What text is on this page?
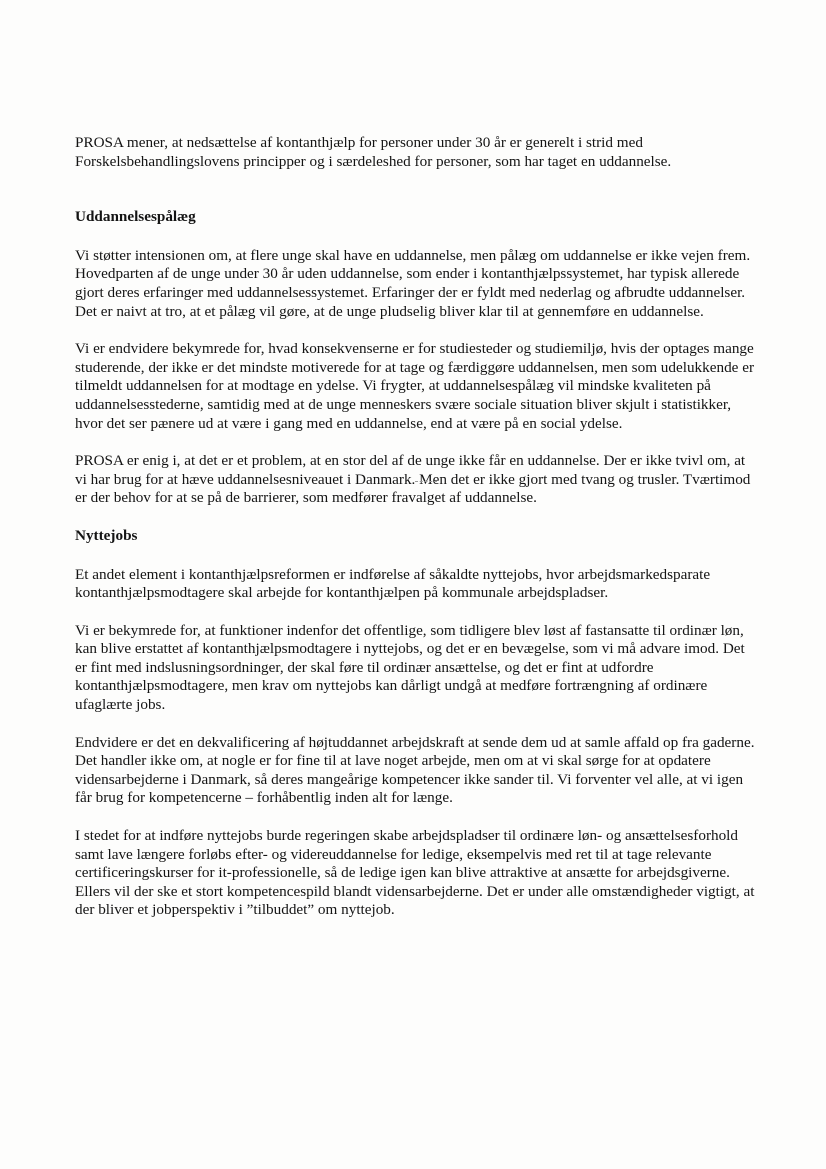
PROSA mener, at nedsættelse af kontanthjælp for personer under 30 år er generelt i strid med Forskelsbehandlingslovens principper og i særdeleshed for personer, som har taget en uddannelse.

Uddannelsespålæg

Vi støtter intensionen om, at flere unge skal have en uddannelse, men pålæg om uddannelse er ikke vejen frem. Hovedparten af de unge under 30 år uden uddannelse, som ender i kontanthjælpssystemet, har typisk allerede gjort deres erfaringer med uddannelsessystemet. Erfaringer der er fyldt med nederlag og afbrudte uddannelser. Det er naivt at tro, at et pålæg vil gøre, at de unge pludselig bliver klar til at gennemføre en uddannelse.

Vi er endvidere bekymrede for, hvad konsekvenserne er for studiesteder og studiemiljø, hvis der optages mange studerende, der ikke er det mindste motiverede for at tage og færdiggøre uddannelsen, men som udelukkende er tilmeldt uddannelsen for at modtage en ydelse. Vi frygter, at uddannelsespålæg vil mindske kvaliteten på uddannelsesstederne, samtidig med at de unge menneskers svære sociale situation bliver skjult i statistikker, hvor det ser pænere ud at være i gang med en uddannelse, end at være på en social ydelse.

PROSA er enig i, at det er et problem, at en stor del af de unge ikke får en uddannelse. Der er ikke tvivl om, at vi har brug for at hæve uddannelsesniveauet i Danmark. Men det er ikke gjort med tvang og trusler. Tværtimod er der behov for at se på de barrierer, som medfører fravalget af uddannelse.

Nyttejobs

Et andet element i kontanthjælpsreformen er indførelse af såkaldte nyttejobs, hvor arbejdsmarkedsparate kontanthjælpsmodtagere skal arbejde for kontanthjælpen på kommunale arbejdspladser.

Vi er bekymrede for, at funktioner indenfor det offentlige, som tidligere blev løst af fastansatte til ordinær løn, kan blive erstattet af kontanthjælpsmodtagere i nyttejobs, og det er en bevægelse, som vi må advare imod. Det er fint med indslusningsordninger, der skal føre til ordinær ansættelse, og det er fint at udfordre kontanthjælpsmodtagere, men krav om nyttejobs kan dårligt undgå at medføre fortrængning af ordinære ufaglærte jobs.

Endvidere er det en dekvalificering af højtuddannet arbejdskraft at sende dem ud at samle affald op fra gaderne. Det handler ikke om, at nogle er for fine til at lave noget arbejde, men om at vi skal sørge for at opdatere vidensarbejderne i Danmark, så deres mangeårige kompetencer ikke sander til. Vi forventer vel alle, at vi igen får brug for kompetencerne – forhåbentlig inden alt for længe.

I stedet for at indføre nyttejobs burde regeringen skabe arbejdspladser til ordinære løn- og ansættelsesforhold samt lave længere forløbs efter- og videreuddannelse for ledige, eksempelvis med ret til at tage relevante certificeringskurser for it-professionelle, så de ledige igen kan blive attraktive at ansætte for arbejdsgiverne. Ellers vil der ske et stort kompetencespild blandt vidensarbejderne. Det er under alle omstændigheder vigtigt, at der bliver et jobperspektiv i ”tilbuddet” om nyttejob.
